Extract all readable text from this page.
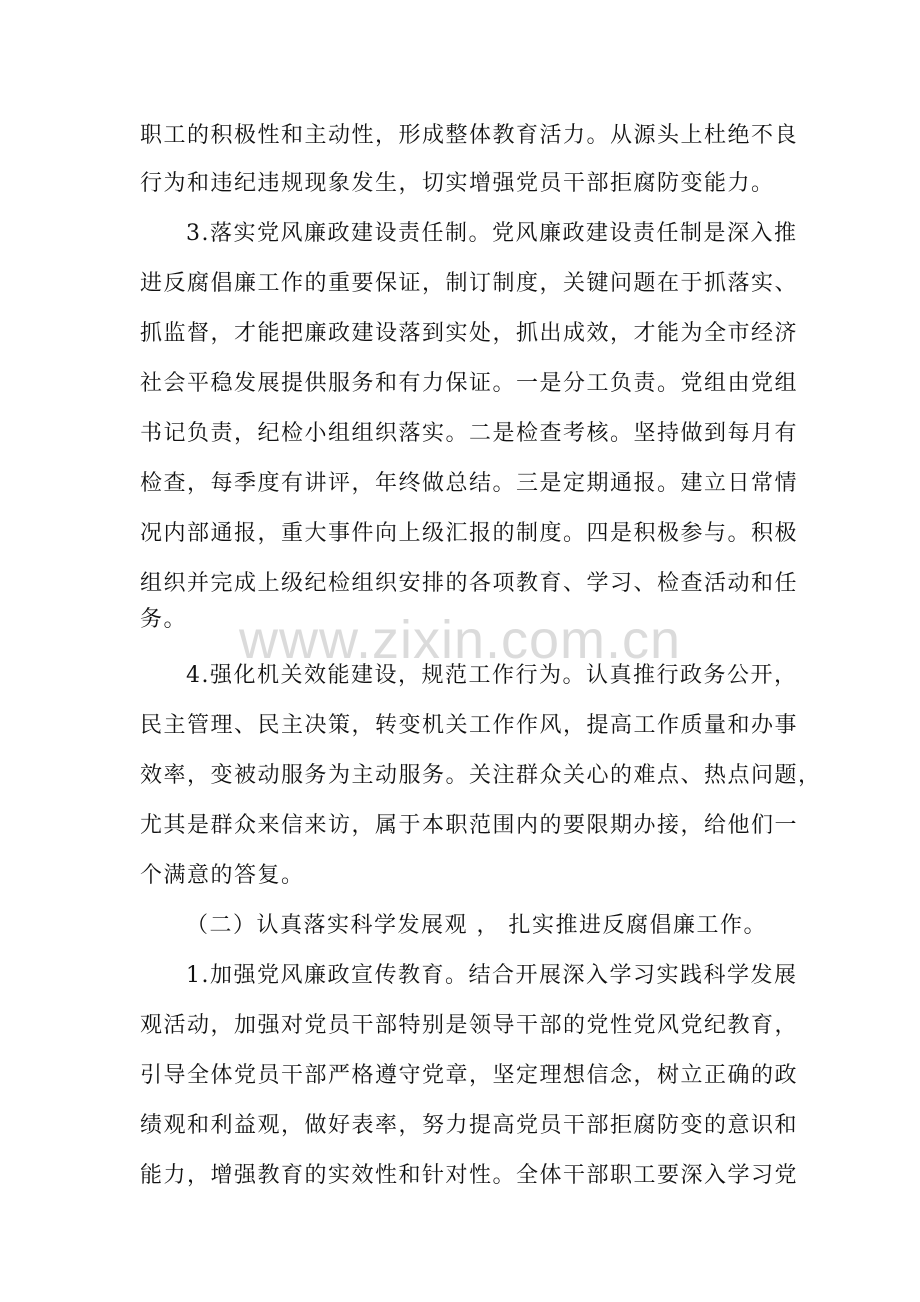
职工的积极性和主动性，形成整体教育活力。从源头上杜绝不良
行为和违纪违规现象发生，切实增强党员干部拒腐防变能力。
3.落实党风廉政建设责任制。党风廉政建设责任制是深入推
进反腐倡廉工作的重要保证，制订制度，关键问题在于抓落实、
抓监督，才能把廉政建设落到实处，抓出成效，才能为全市经济
社会平稳发展提供服务和有力保证。一是分工负责。党组由党组
书记负责，纪检小组组织落实。二是检查考核。坚持做到每月有
检查，每季度有讲评，年终做总结。三是定期通报。建立日常情
况内部通报，重大事件向上级汇报的制度。四是积极参与。积极
组织并完成上级纪检组织安排的各项教育、学习、检查活动和任
务。 www.zixin.com.cn
4.强化机关效能建设，规范工作行为。认真推行政务公开，
民主管理、民主决策，转变机关工作作风，提高工作质量和办事
效率，变被动服务为主动服务。关注群众关心的难点、热点问题，
尤其是群众来信来访，属于本职范围内的要限期办接，给他们一
个满意的答复。
（二）认真落实科学发展观 ， 扎实推进反腐倡廉工作。
1.加强党风廉政宣传教育。结合开展深入学习实践科学发展
观活动，加强对党员干部特别是领导干部的党性党风党纪教育，
引导全体党员干部严格遵守党章，坚定理想信念，树立正确的政
绩观和利益观，做好表率，努力提高党员干部拒腐防变的意识和
能力，增强教育的实效性和针对性。全体干部职工要深入学习党
